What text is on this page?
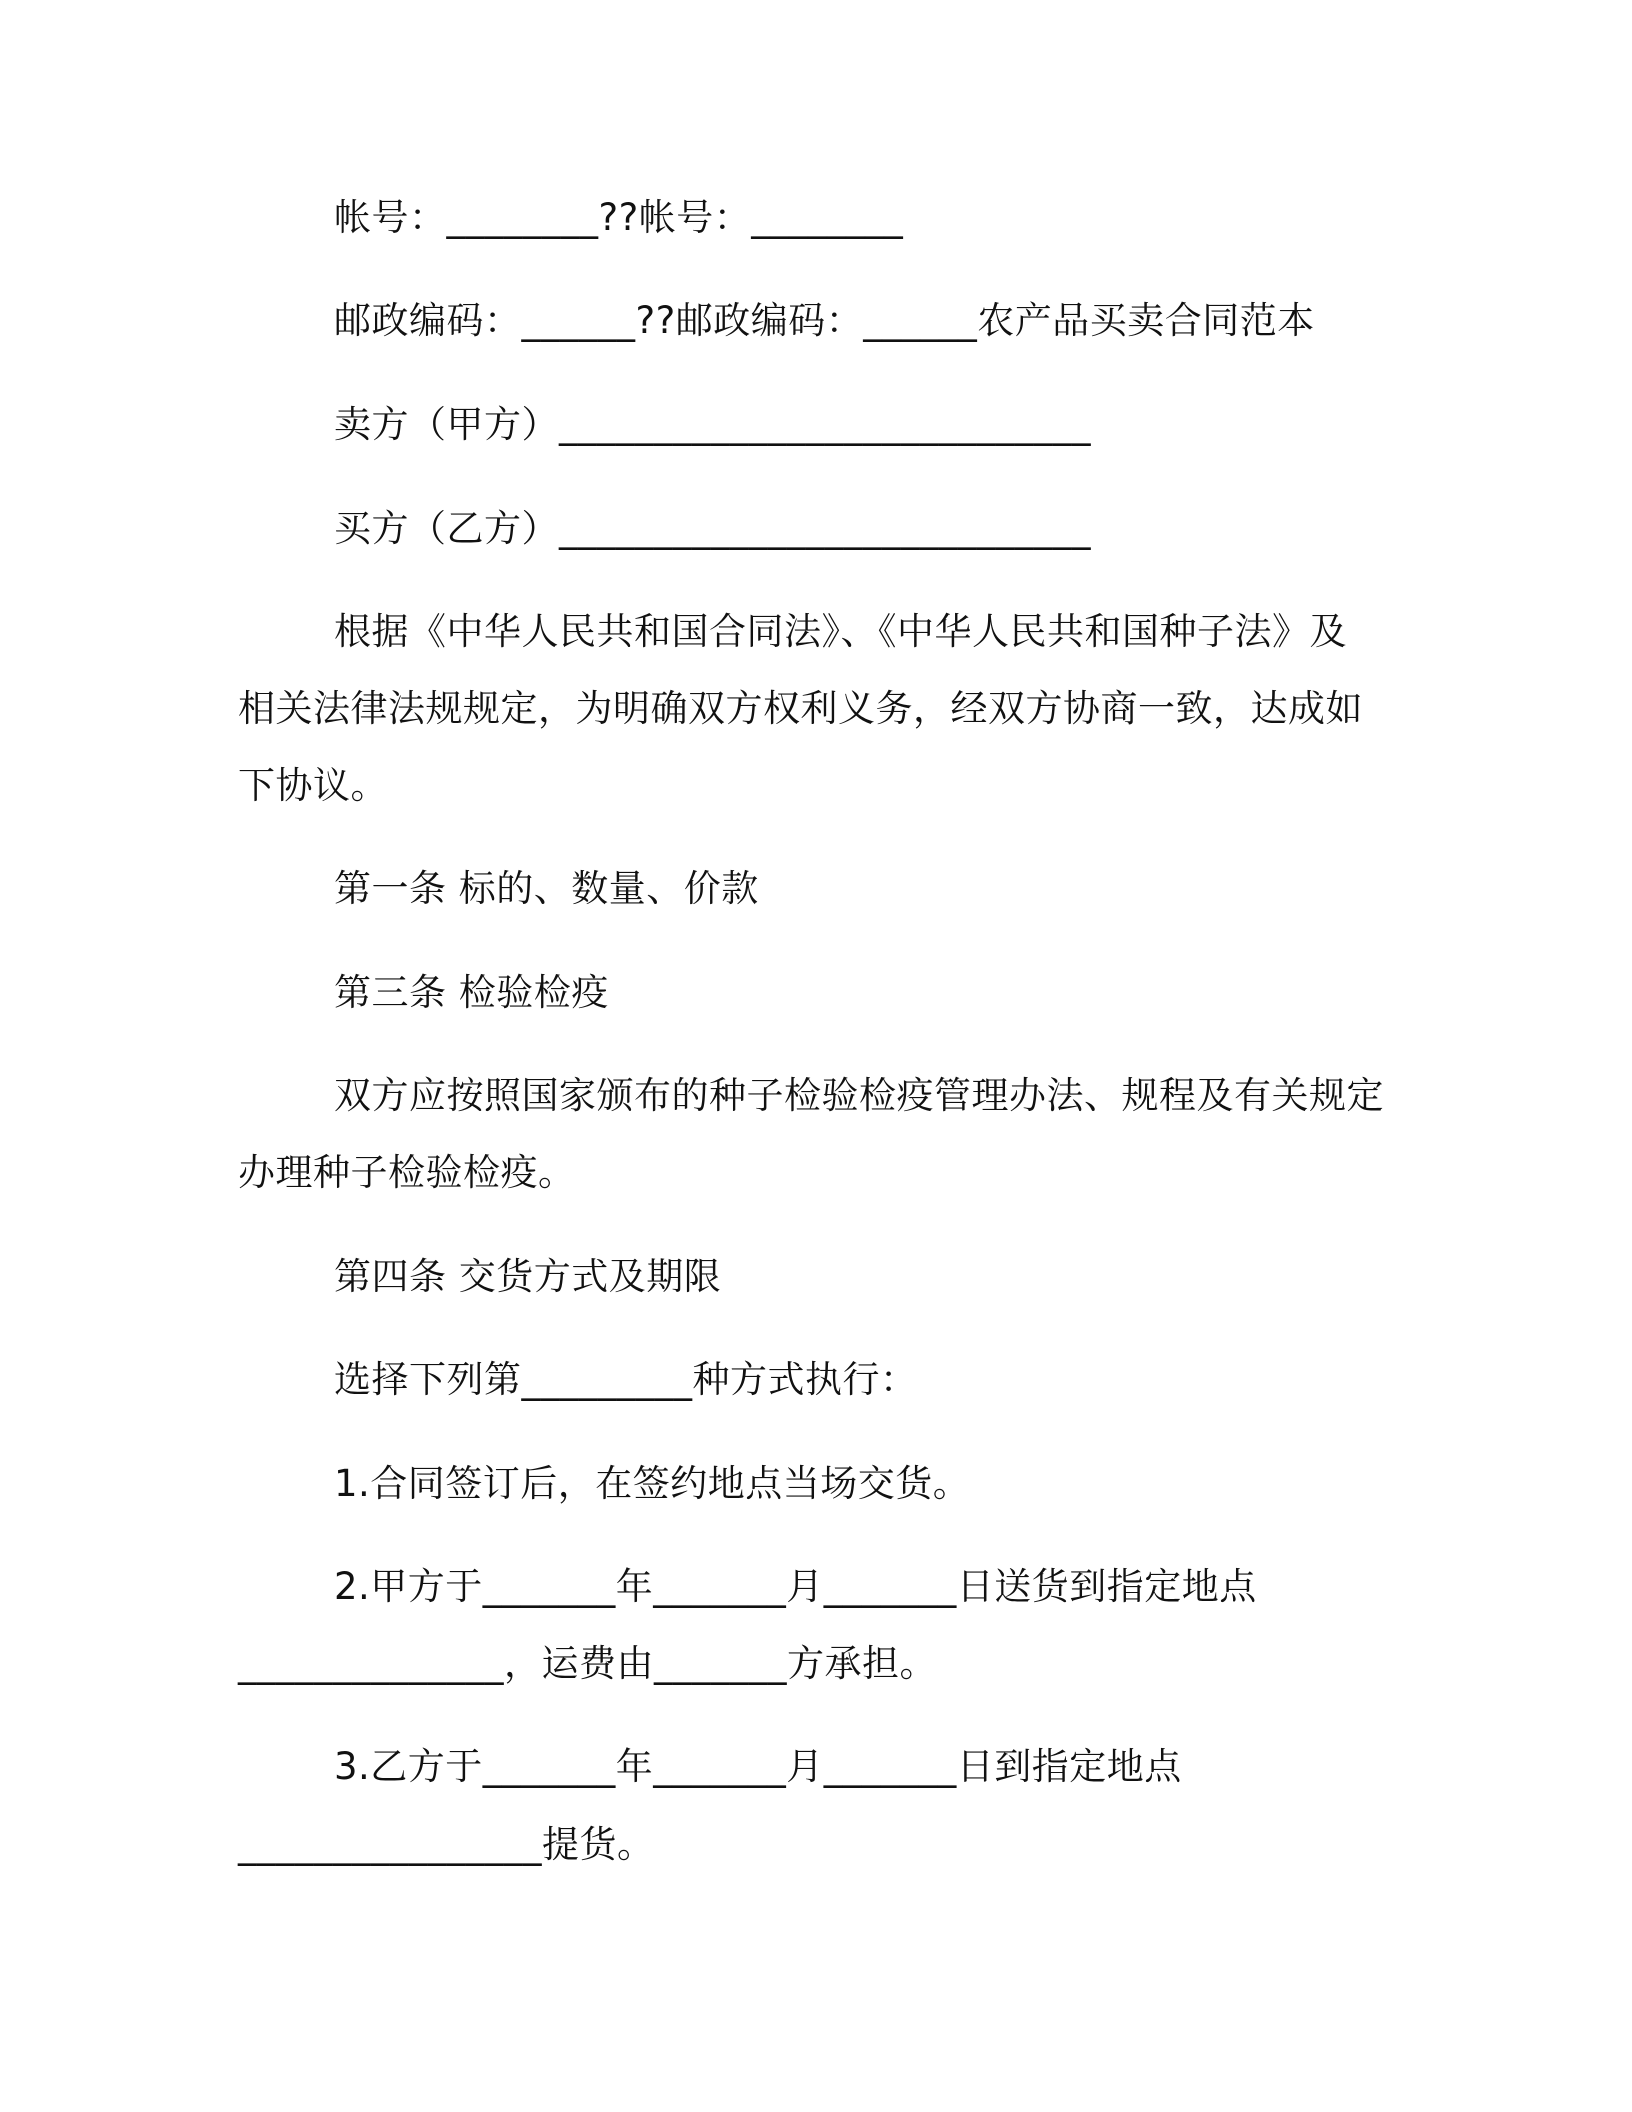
帐号：________??帐号：________

邮政编码：______??邮政编码：______农产品买卖合同范本

卖方（甲方）____________________________

买方（乙方）____________________________

根据《中华人民共和国合同法》、《中华人民共和国种子法》及

相关法律法规规定，为明确双方权利义务，经双方协商一致，达成如

下协议。

第一条 标的、数量、价款

第三条 检验检疫

双方应按照国家颁布的种子检验检疫管理办法、规程及有关规定

办理种子检验检疫。

第四条 交货方式及期限

选择下列第_________种方式执行：

1.合同签订后，在签约地点当场交货。

2.甲方于_______年_______月_______日送货到指定地点

______________，运费由_______方承担。

3.乙方于_______年_______月_______日到指定地点

________________提货。
